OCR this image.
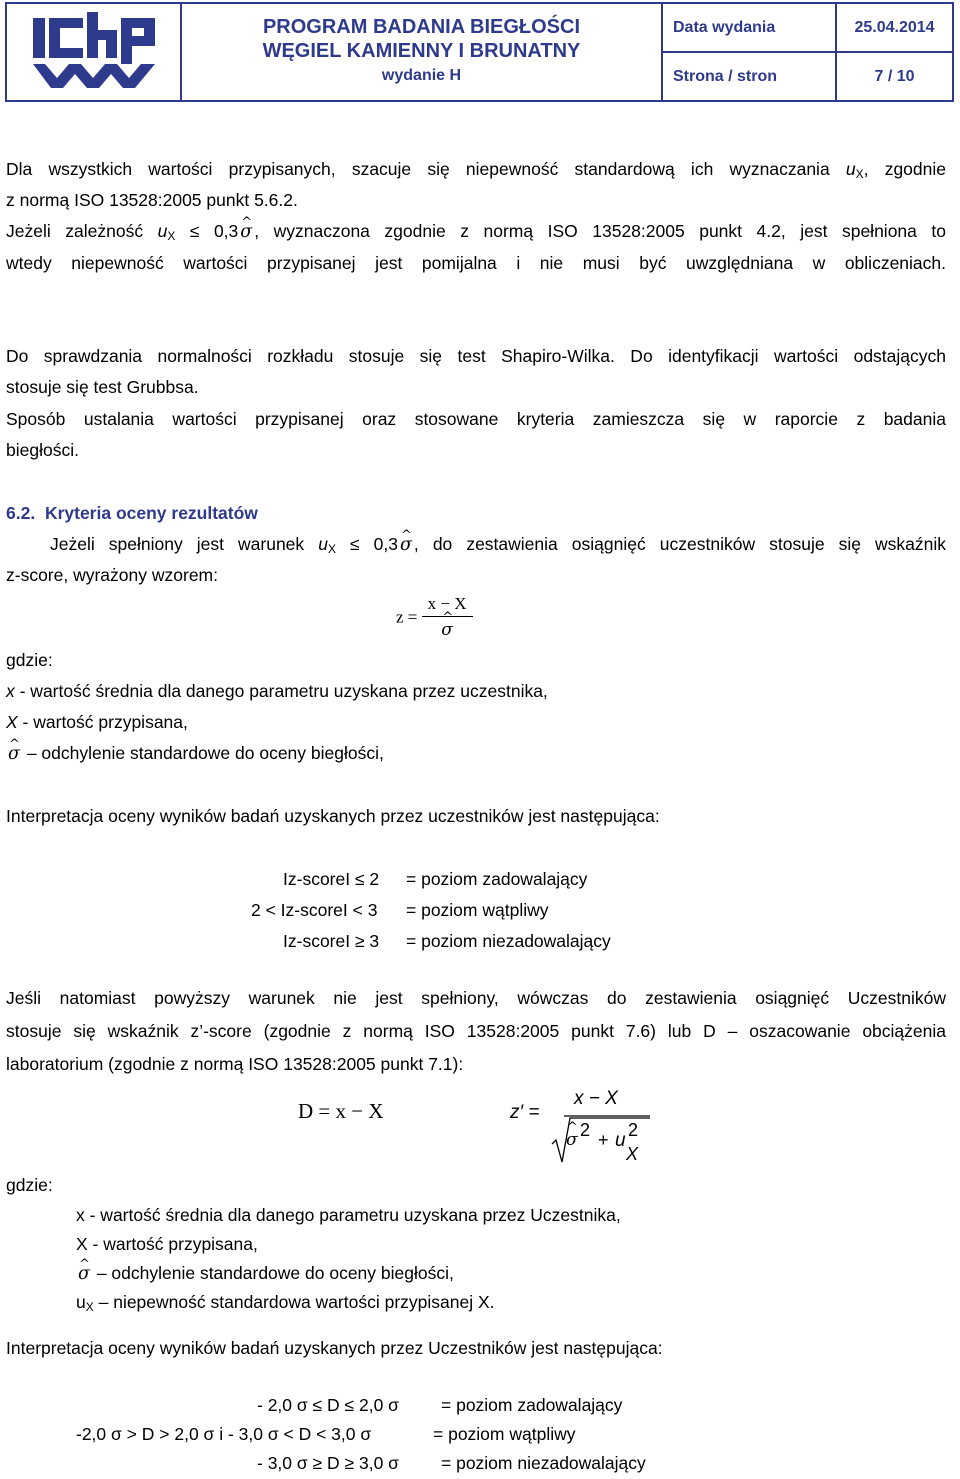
PROGRAM BADANIA BIEGŁOŚCI
WĘGIEL KAMIENNY I BRUNATNY
wydanie H	Data wydania	25.04.2014
		Strona / stron	7 / 10
Dla wszystkich wartości przypisanych, szacuje się niepewność standardową ich wyznaczania $u_X$, zgodnie
z normą ISO 13528:2005 punkt 5.6.2.
Jeżeli zależność $u_X \le 0,3$ ^ σ , wyznaczona zgodnie z normą ISO 13528:2005 punkt 4.2, jest spełniona to
wtedy niepewność wartości przypisanej jest pomijalna i nie musi być uwzględniana w obliczeniach.
Do sprawdzania normalności rozkładu stosuje się test Shapiro-Wilka. Do identyfikacji wartości odstających
stosuje się test Grubbsa.
Sposób ustalania wartości przypisanej oraz stosowane kryteria zamieszcza się w raporcie z badania
biegłości.
6.2. Kryteria oceny rezultatów
Jeżeli spełniony jest warunek $u_X \le 0,3$ ^ σ , do zestawienia osiągnięć uczestników stosuje się wskaźnik
z-score, wyrażony wzorem:
z = x − X
^ σ
gdzie:
x - wartość średnia dla danego parametru uzyskana przez uczestnika,
X - wartość przypisana,
^ σ – odchylenie standardowe do oceny biegłości,
Interpretacja oceny wyników badań uzyskanych przez uczestników jest następująca:
Iz-scoreI ≤ 2 = poziom zadowalający
2 < Iz-scoreI < 3 = poziom wątpliwy
Iz-scoreI ≥ 3 = poziom niezadowalający
Jeśli natomiast powyższy warunek nie jest spełniony, wówczas do zestawienia osiągnięć Uczestników
stosuje się wskaźnik z’-score (zgodnie z normą ISO 13528:2005 punkt 7.6) lub D – oszacowanie obciążenia
laboratorium (zgodnie z normą ISO 13528:2005 punkt 7.1):
D = x − X	z′ =
x − X
^ σ 2 + u 2
X
gdzie:
x - wartość średnia dla danego parametru uzyskana przez Uczestnika,
X - wartość przypisana,
^ σ – odchylenie standardowe do oceny biegłości,
$u_X$ – niepewność standardowa wartości przypisanej X.
Interpretacja oceny wyników badań uzyskanych przez Uczestników jest następująca:
- 2,0 σ ≤ D ≤ 2,0 σ = poziom zadowalający
-2,0 σ > D > 2,0 σ i - 3,0 σ < D < 3,0 σ	= poziom wątpliwy
- 3,0 σ ≥ D ≥ 3,0 σ = poziom niezadowalający
